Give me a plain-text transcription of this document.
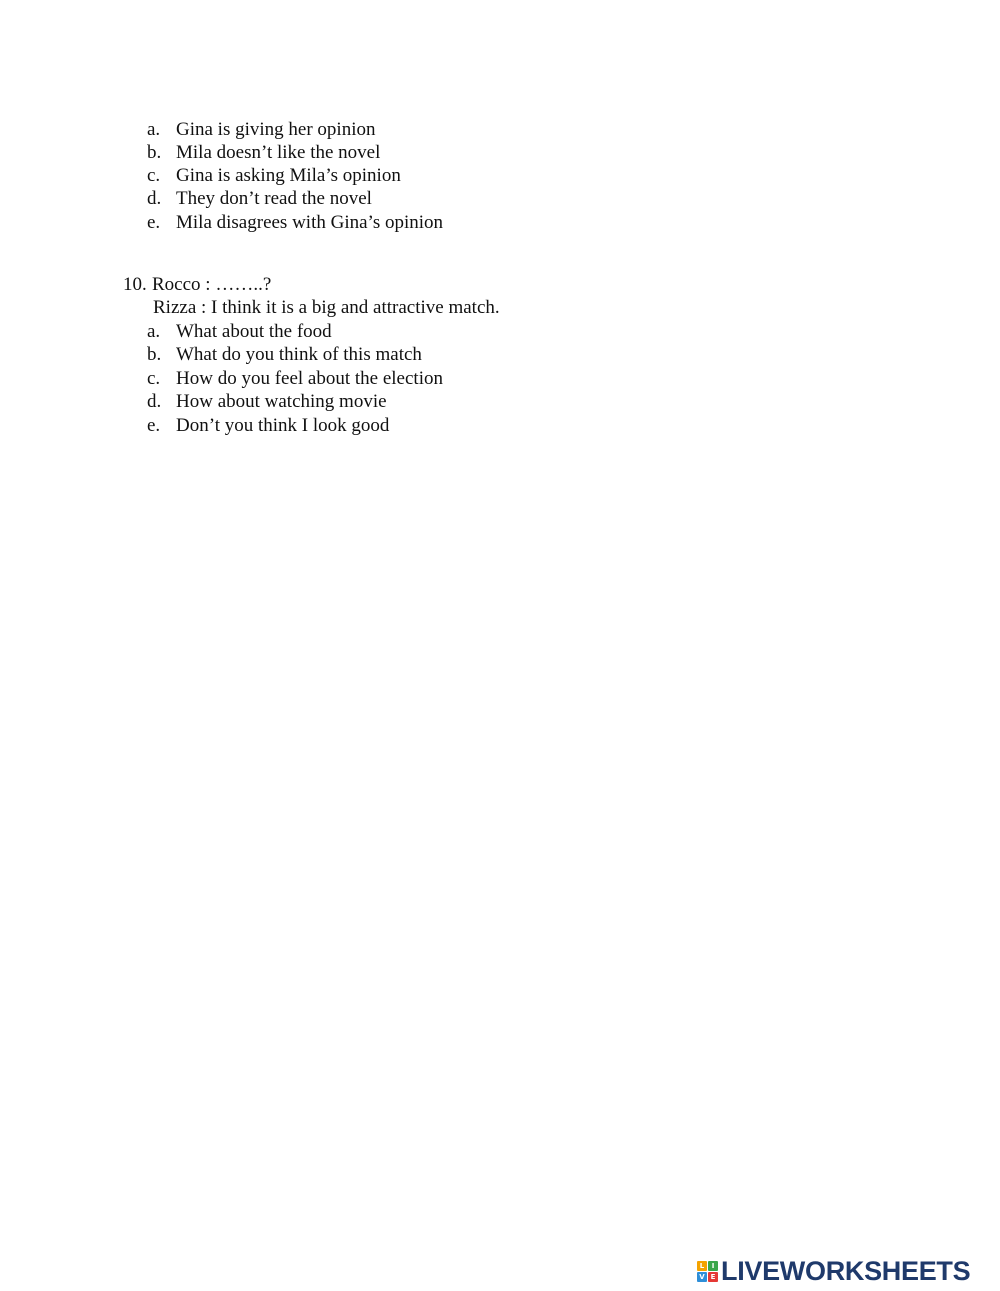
a. Gina is giving her opinion
b. Mila doesn’t like the novel
c. Gina is asking Mila’s opinion
d. They don’t read the novel
e. Mila disagrees with Gina’s opinion
10. Rocco : ……..?
Rizza : I think it is a big and attractive match.
a. What about the food
b. What do you think of this match
c. How do you feel about the election
d. How about watching movie
e. Don’t you think I look good
L	I
V E LIVEWORKSHEETS
